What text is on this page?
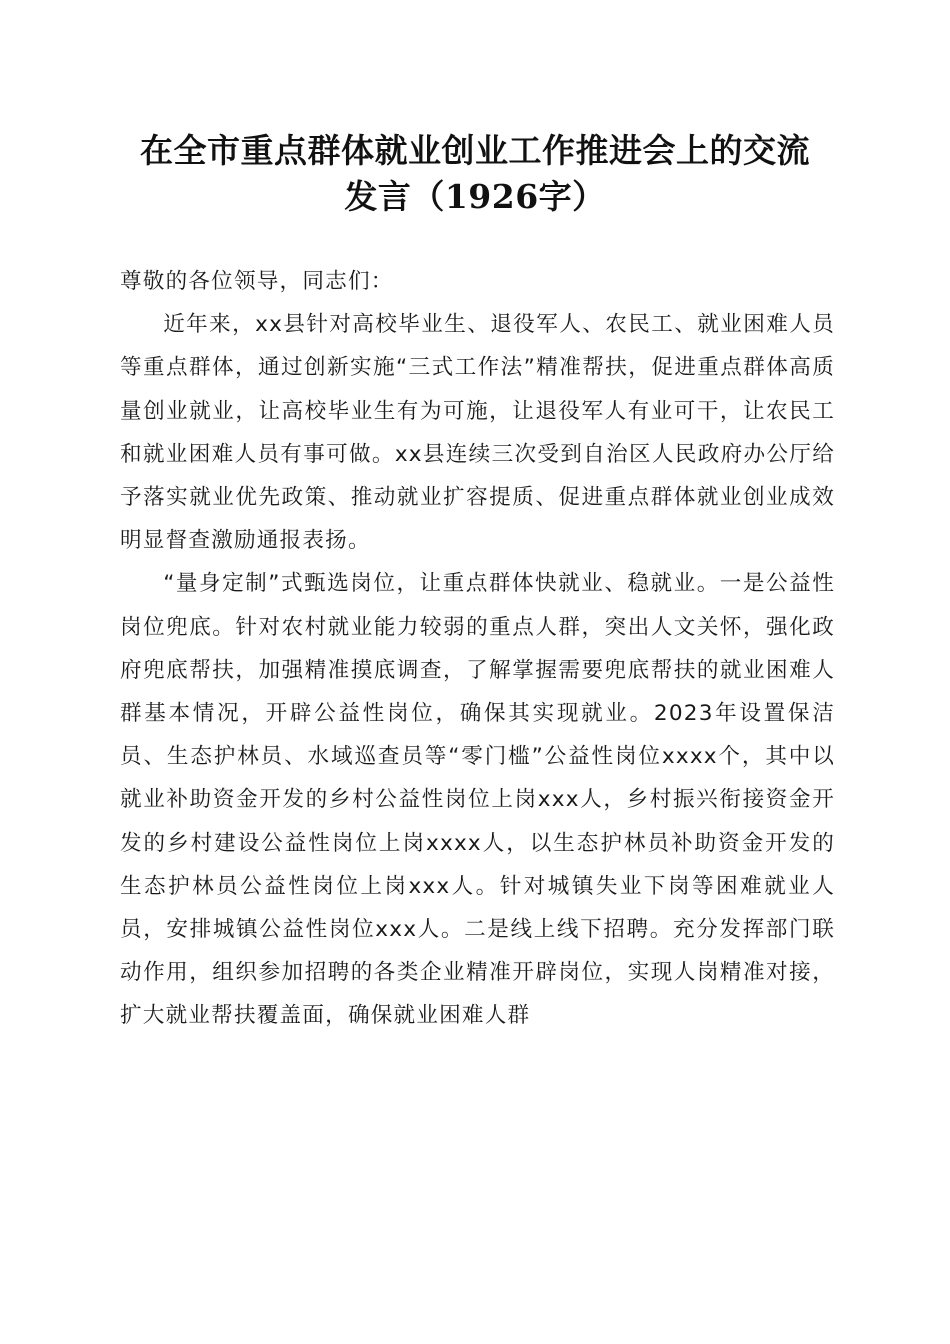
在全市重点群体就业创业工作推进会上的交流
发言（1926字）

尊敬的各位领导，同志们：

近年来，xx县针对高校毕业生、退役军人、农民工、就业困难人员等重点群体，通过创新实施“三式工作法”精准帮扶，促进重点群体高质量创业就业，让高校毕业生有为可施，让退役军人有业可干，让农民工和就业困难人员有事可做。xx县连续三次受到自治区人民政府办公厅给予落实就业优先政策、推动就业扩容提质、促进重点群体就业创业成效明显督查激励通报表扬。

“量身定制”式甄选岗位，让重点群体快就业、稳就业。一是公益性岗位兜底。针对农村就业能力较弱的重点人群，突出人文关怀，强化政府兜底帮扶，加强精准摸底调查，了解掌握需要兜底帮扶的就业困难人群基本情况，开辟公益性岗位，确保其实现就业。2023年设置保洁员、生态护林员、水域巡查员等“零门槛”公益性岗位xxxx个，其中以就业补助资金开发的乡村公益性岗位上岗xxx人，乡村振兴衔接资金开发的乡村建设公益性岗位上岗xxxx人，以生态护林员补助资金开发的生态护林员公益性岗位上岗xxx人。针对城镇失业下岗等困难就业人员，安排城镇公益性岗位xxx人。二是线上线下招聘。充分发挥部门联动作用，组织参加招聘的各类企业精准开辟岗位，实现人岗精准对接，扩大就业帮扶覆盖面，确保就业困难人群
